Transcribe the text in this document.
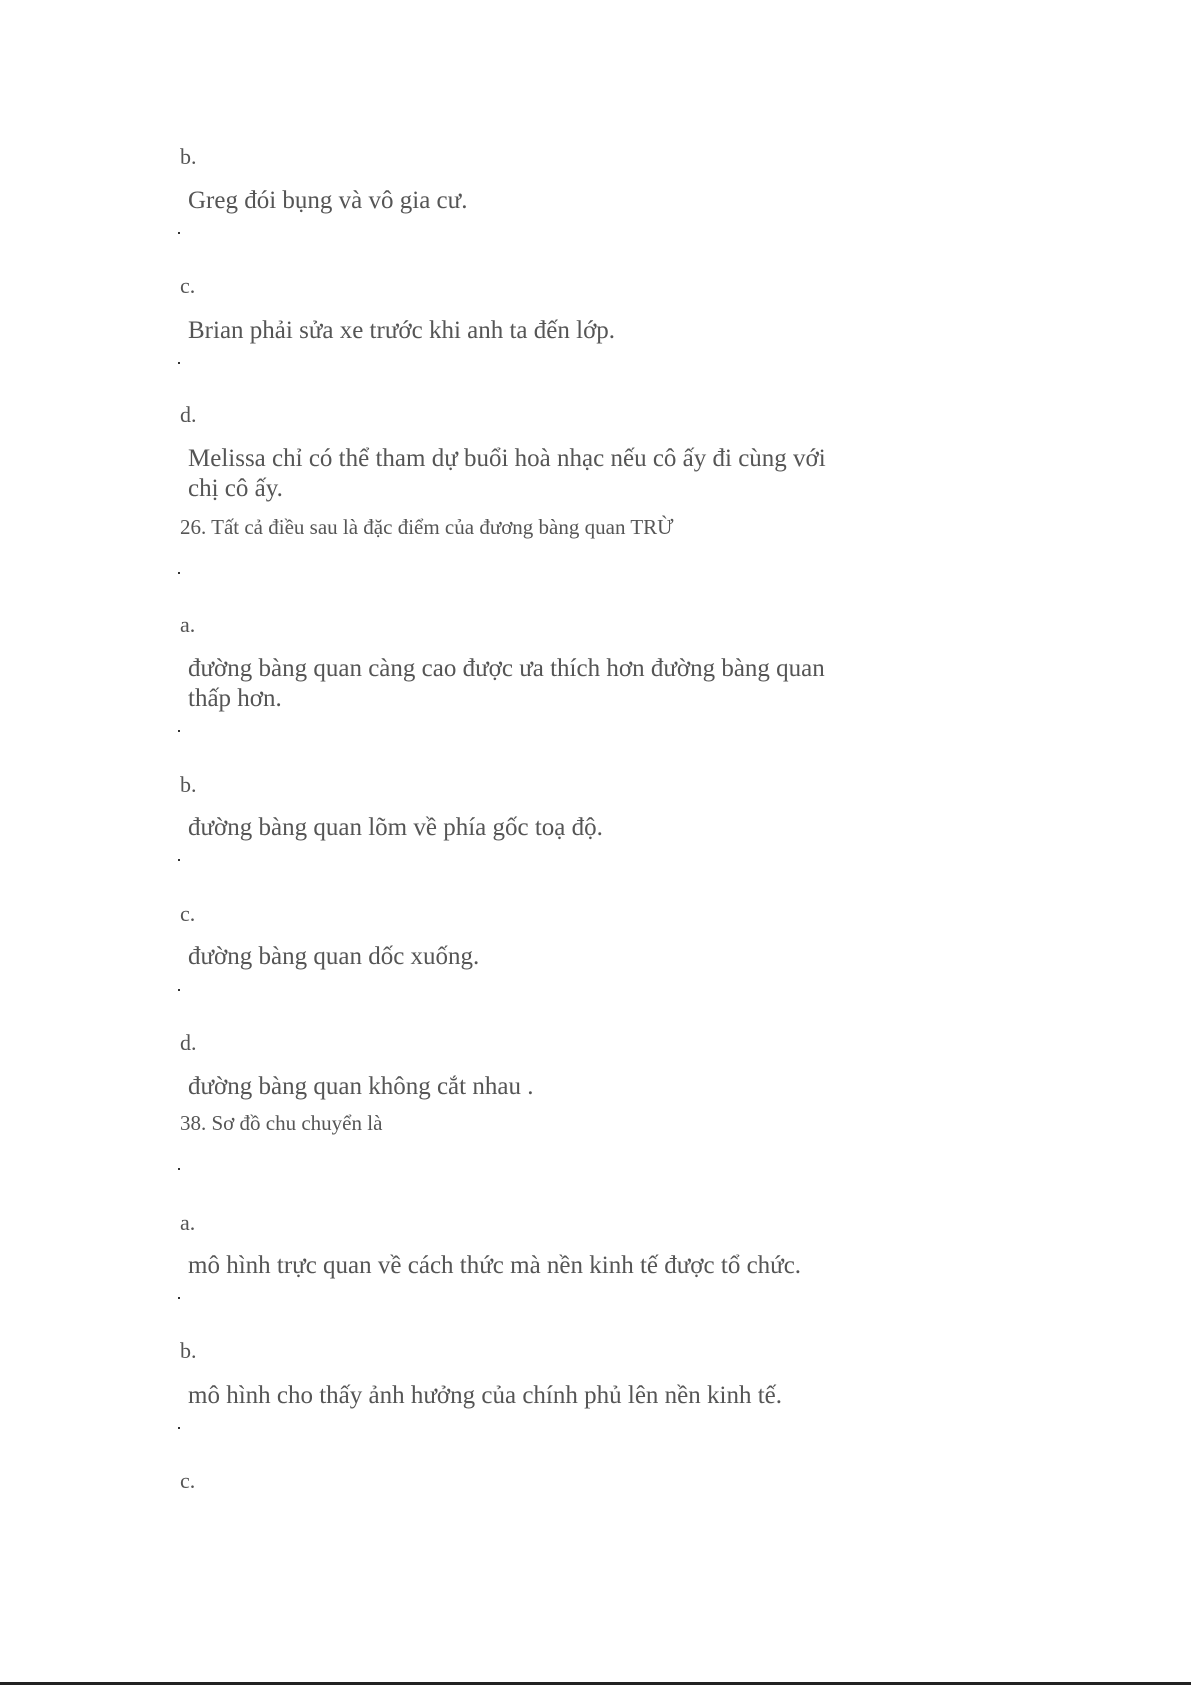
b.

Greg đói bụng và vô gia cư.

c.

Brian phải sửa xe trước khi anh ta đến lớp.

d.

Melissa chỉ có thể tham dự buổi hoà nhạc nếu cô ấy đi cùng với chị cô ấy.

26. Tất cả điều sau là đặc điểm của đương bàng quan TRỪ

a.

đường bàng quan càng cao được ưa thích hơn đường bàng quan thấp hơn.

b.

đường bàng quan lõm về phía gốc toạ độ.

c.

đường bàng quan dốc xuống.

d.

đường bàng quan không cắt nhau .

38. Sơ đồ chu chuyển là

a.

mô hình trực quan về cách thức mà nền kinh tế được tổ chức.

b.

mô hình cho thấy ảnh hưởng của chính phủ lên nền kinh tế.

c.
